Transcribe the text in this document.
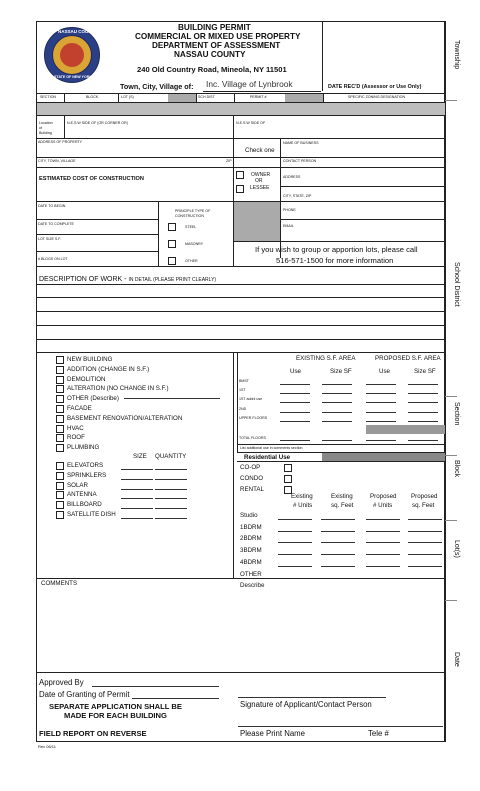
NASSAU COUNTY
STATE OF NEW YORK
BUILDING PERMIT
COMMERCIAL OR MIXED USE PROPERTY
DEPARTMENT OF ASSESSMENT
NASSAU COUNTY
240 Old Country Road, Mineola, NY 11501
Town, City, Village of: Inc. Village of Lynbrook	DATE REC'D (Assessor or Use Only)
Township
School District
Section
Block
Lot(s)
Date
SECTION	BLOCK	LOT (S)	SCH DIST	PERMIT #	SPECIFIC ZONING DESIGNATION
Location
of
Building
N.E.S.W SIDE OF (OR CORNER OR)	N.E.S.W SIDE OF
ADDRESS OF PROPERTY
Check one
NAME OF BUSINESS
CITY, TOWN, VILLAGE	ZIP	CONTACT PERSON
ESTIMATED COST OF CONSTRUCTION
OWNER
OR
LESSEE
ADDRESS
CITY, STATE, ZIP
DATE TO BEGIN
PRINCIPLE TYPE OF
CONSTRUCTION
PHONE
DATE TO COMPLETE
STEEL	EMAIL
LOT SIZE S.F.
MASONRY
If you wish to group or apportion lots, please call
516-571-1500 for more information
# BLDGS ON LOT	OTHER
DESCRIPTION OF WORK - IN DETAIL (PLEASE PRINT CLEARLY)
NEW BUILDING
ADDITION (CHANGE IN S.F.)
DEMOLITION
ALTERATION (NO CHANGE IN S.F.)
OTHER (Describe)
FACADE
BASEMENT RENOVATION/ALTERATION
HVAC
ROOF
PLUMBING
SIZE QUANTITY
ELEVATORS
SPRINKLERS
SOLAR
ANTENNA
BILLBOARD
SATELLITE DISH
EXISTING S.F. AREA	PROPOSED S.F. AREA
Use	Size SF	Use	Size SF
BMST
1ST
1ST addnl use
2ND
UPPER FLOORS
TOTAL FLOORS
List additional use in comments section
Residential Use
CO-OP
CONDO
RENTAL
Existing
# Units
Existing
sq. Feet
Proposed
# Units
Proposed
sq. Feet
Studio
1BDRM
2BDRM
3BDRM
4BDRM
OTHER
Describe
COMMENTS
Approved By
Date of Granting of Permit
SEPARATE APPLICATION SHALL BE
MADE FOR EACH BUILDING
Signature of Applicant/Contact Person
FIELD REPORT ON REVERSE	Please Print Name	Tele #
Rev 06/11
